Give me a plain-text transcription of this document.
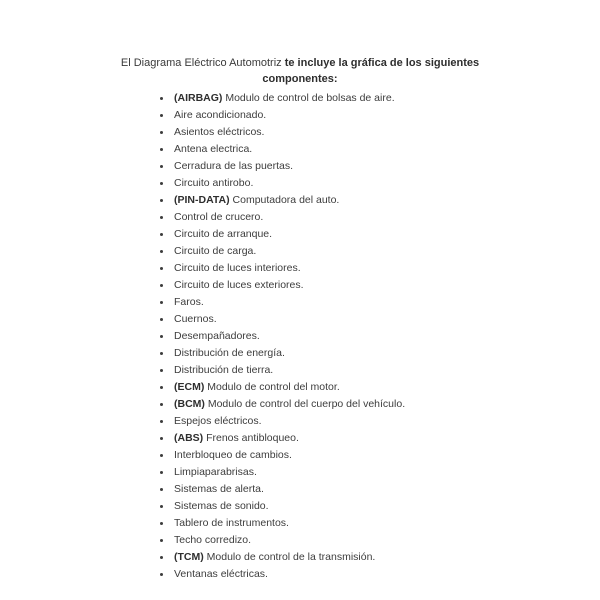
El Diagrama Eléctrico Automotriz te incluye la gráfica de los siguientes componentes:

(AIRBAG) Modulo de control de bolsas de aire.
Aire acondicionado.
Asientos eléctricos.
Antena electrica.
Cerradura de las puertas.
Circuito antirobo.
(PIN-DATA) Computadora del auto.
Control de crucero.
Circuito de arranque.
Circuito de carga.
Circuito de luces interiores.
Circuito de luces exteriores.
Faros.
Cuernos.
Desempañadores.
Distribución de energía.
Distribución de tierra.
(ECM) Modulo de control del motor.
(BCM) Modulo de control del cuerpo del vehículo.
Espejos eléctricos.
(ABS) Frenos antibloqueo.
Interbloqueo de cambios.
Limpiaparabrisas.
Sistemas de alerta.
Sistemas de sonido.
Tablero de instrumentos.
Techo corredizo.
(TCM) Modulo de control de la transmisión.
Ventanas eléctricas.
